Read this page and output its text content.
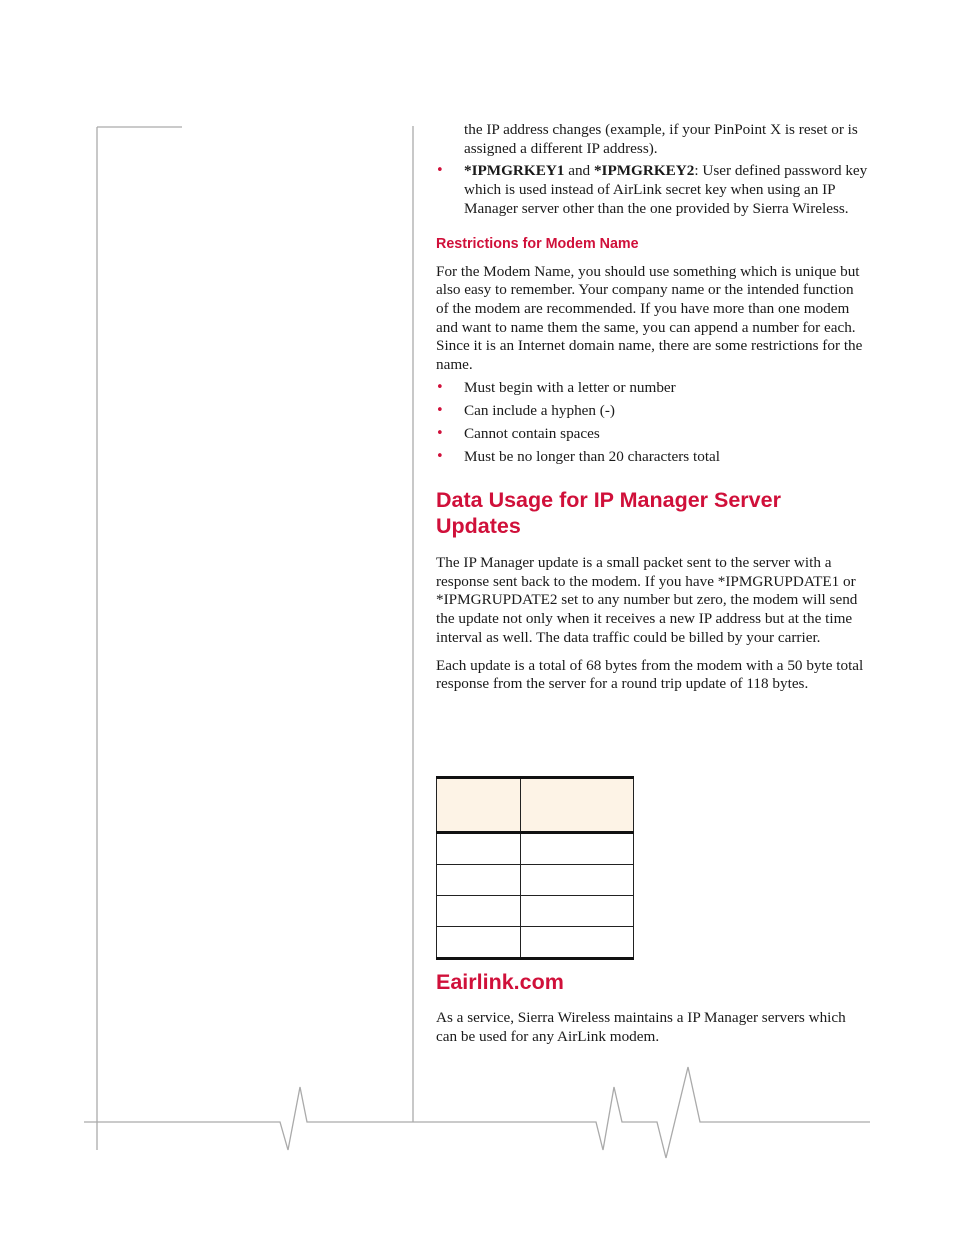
the IP address changes (example, if your PinPoint X is reset or is assigned a different IP address).

• *IPMGRKEY1 and *IPMGRKEY2: User defined password key which is used instead of AirLink secret key when using an IP Manager server other than the one provided by Sierra Wireless.
Restrictions for Modem Name

For the Modem Name, you should use something which is unique but also easy to remember. Your company name or the intended function of the modem are recommended. If you have more than one modem and want to name them the same, you can append a number for each. Since it is an Internet domain name, there are some restrictions for the name.

• Must begin with a letter or number
• Can include a hyphen (-)
• Cannot contain spaces
• Must be no longer than 20 characters total
Data Usage for IP Manager Server Updates

The IP Manager update is a small packet sent to the server with a response sent back to the modem. If you have *IPMGRUPDATE1 or *IPMGRUPDATE2 set to any number but zero, the modem will send the update not only when it receives a new IP address but at the time interval as well. The data traffic could be billed by your carrier.

Each update is a total of 68 bytes from the modem with a 50 byte total response from the server for a round trip update of 118 bytes.

Eairlink.com

As a service, Sierra Wireless maintains a IP Manager servers which can be used for any AirLink modem.
